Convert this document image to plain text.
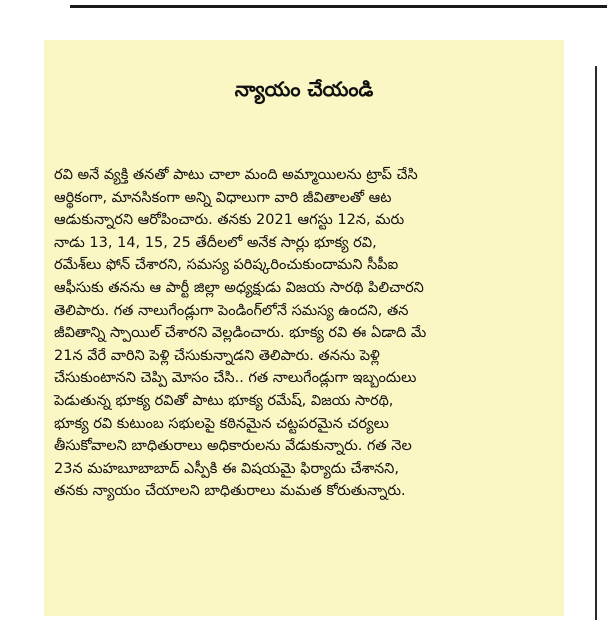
న్యాయం చేయండి

రవి అనే వ్యక్తి తనతో పాటు చాలా మంది అమ్మాయిలను ట్రాప్ చేసి
ఆర్థికంగా, మానసికంగా అన్ని విధాలుగా వారి జీవితాలతో ఆట
ఆడుకున్నారని ఆరోపించారు. తనకు 2021 ఆగస్టు 12న, మరు
నాడు 13, 14, 15, 25 తేదీలలో అనేక సార్లు భూక్య రవి,
రమేశ్‌లు ఫోన్ చేశారని, సమస్య పరిష్కరించుకుందామని సీపీఐ
ఆఫీసుకు తనను ఆ పార్టీ జిల్లా అధ్యక్షుడు విజయ సారథి పిలిచారని
తెలిపారు. గత నాలుగేండ్లుగా పెండింగ్‌లోనే సమస్య ఉందని, తన
జీవితాన్ని స్పాయిల్ చేశారని వెల్లడించారు. భూక్య రవి ఈ ఏడాది మే
21న వేరే వారిని పెళ్లి చేసుకున్నాడని తెలిపారు. తనను పెళ్లి
చేసుకుంటానని చెప్పి మోసం చేసి.. గత నాలుగేండ్లుగా ఇబ్బందులు
పెడుతున్న భూక్య రవితో పాటు భూక్య రమేష్, విజయ సారథి,
భూక్య రవి కుటుంబ సభులపై కఠినమైన చట్టపరమైన చర్యలు
తీసుకోవాలని బాధితురాలు అధికారులను వేడుకున్నారు. గత నెల
23న మహబూబాబాద్ ఎస్పీకి ఈ విషయమై ఫిర్యాదు చేశానని,
తనకు న్యాయం చేయాలని బాధితురాలు మమత కోరుతున్నారు.
